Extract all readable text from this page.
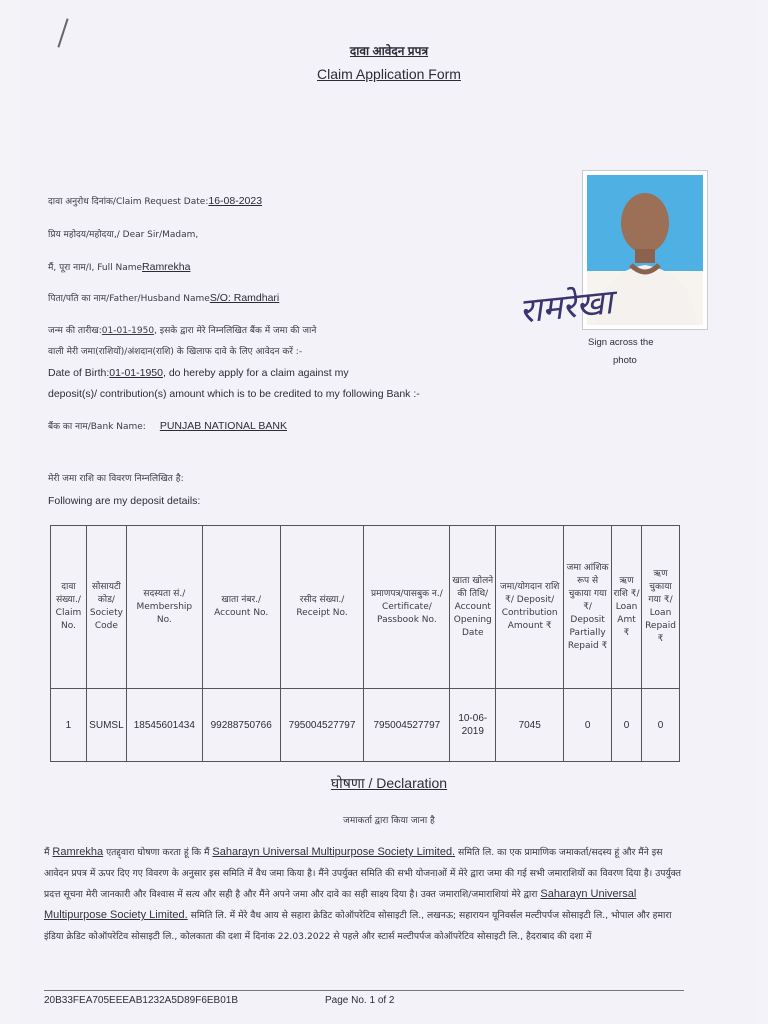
दावा आवेदन प्रपत्र
Claim Application Form
दावा अनुरोध दिनांक/Claim Request Date:16-08-2023
प्रिय महोदय/महोदया,/ Dear Sir/Madam,
मैं, पूरा नाम/I, Full NameRamrekha
पिता/पति का नाम/Father/Husband NameS/O: Ramdhari
जन्म की तारीख:01-01-1950, इसके द्वारा मेरे निम्नलिखित बैंक में जमा की जाने
वाली मेरी जमा(राशियों)/अंशदान(राशि) के खिलाफ दावे के लिए आवेदन करें :-
Date of Birth:01-01-1950, do hereby apply for a claim against my
deposit(s)/ contribution(s) amount which is to be credited to my following Bank :-
बैंक का नाम/Bank Name: PUNJAB NATIONAL BANK
मेरी जमा राशि का विवरण निम्नलिखित है:
Following are my deposit details:
रामरेखा
Sign across the
photo
दावा संख्या./ Claim No.	सोसायटी कोड/ Society Code	सदस्यता सं./ Membership No.	खाता नंबर./ Account No.	रसीद संख्या./ Receipt No.	प्रमाणपत्र/पासबुक न./ Certificate/ Passbook No.	खाता खोलने की तिथि/ Account Opening Date	जमा/योगदान राशि ₹/ Deposit/ Contribution Amount ₹	जमा आंशिक रूप से चुकाया गया ₹/ Deposit Partially Repaid ₹	ऋण राशि ₹/ Loan Amt ₹	ऋण चुकाया गया ₹/ Loan Repaid ₹
1	SUMSL	18545601434	99288750766	795004527797	795004527797	10-06-2019	7045	0	0	0
घोषणा / Declaration
जमाकर्ता द्वारा किया जाना है
मैं Ramrekha एतद्द्वारा घोषणा करता हूं कि मैं Saharayn Universal Multipurpose Society Limited. समिति लि. का एक प्रामाणिक जमाकर्ता/सदस्य हूं और मैंने इस आवेदन प्रपत्र में ऊपर दिए गए विवरण के अनुसार इस समिति में वैध जमा किया है। मैंने उपर्युक्त समिति की सभी योजनाओं में मेरे द्वारा जमा की गई सभी जमाराशियों का विवरण दिया है। उपर्युक्त प्रदत्त सूचना मेरी जानकारी और विश्वास में सत्य और सही है और मैंने अपने जमा और दावे का सही साक्ष्य दिया है। उक्त जमाराशि/जमाराशियां मेरे द्वारा Saharayn Universal Multipurpose Society Limited. समिति लि. में मेरे वैध आय से सहारा क्रेडिट कोऑपरेटिव सोसाइटी लि., लखनऊ; सहारायन यूनिवर्सल मल्टीपर्पज सोसाइटी लि., भोपाल और हमारा इंडिया क्रेडिट कोऑपरेटिव सोसाइटी लि., कोलकाता की दशा में दिनांक 22.03.2022 से पहले और स्टार्स मल्टीपर्पज कोऑपरेटिव सोसाइटी लि., हैदराबाद की दशा में
20B33FEA705EEEAB1232A5D89F6EB01B	Page No. 1 of 2
